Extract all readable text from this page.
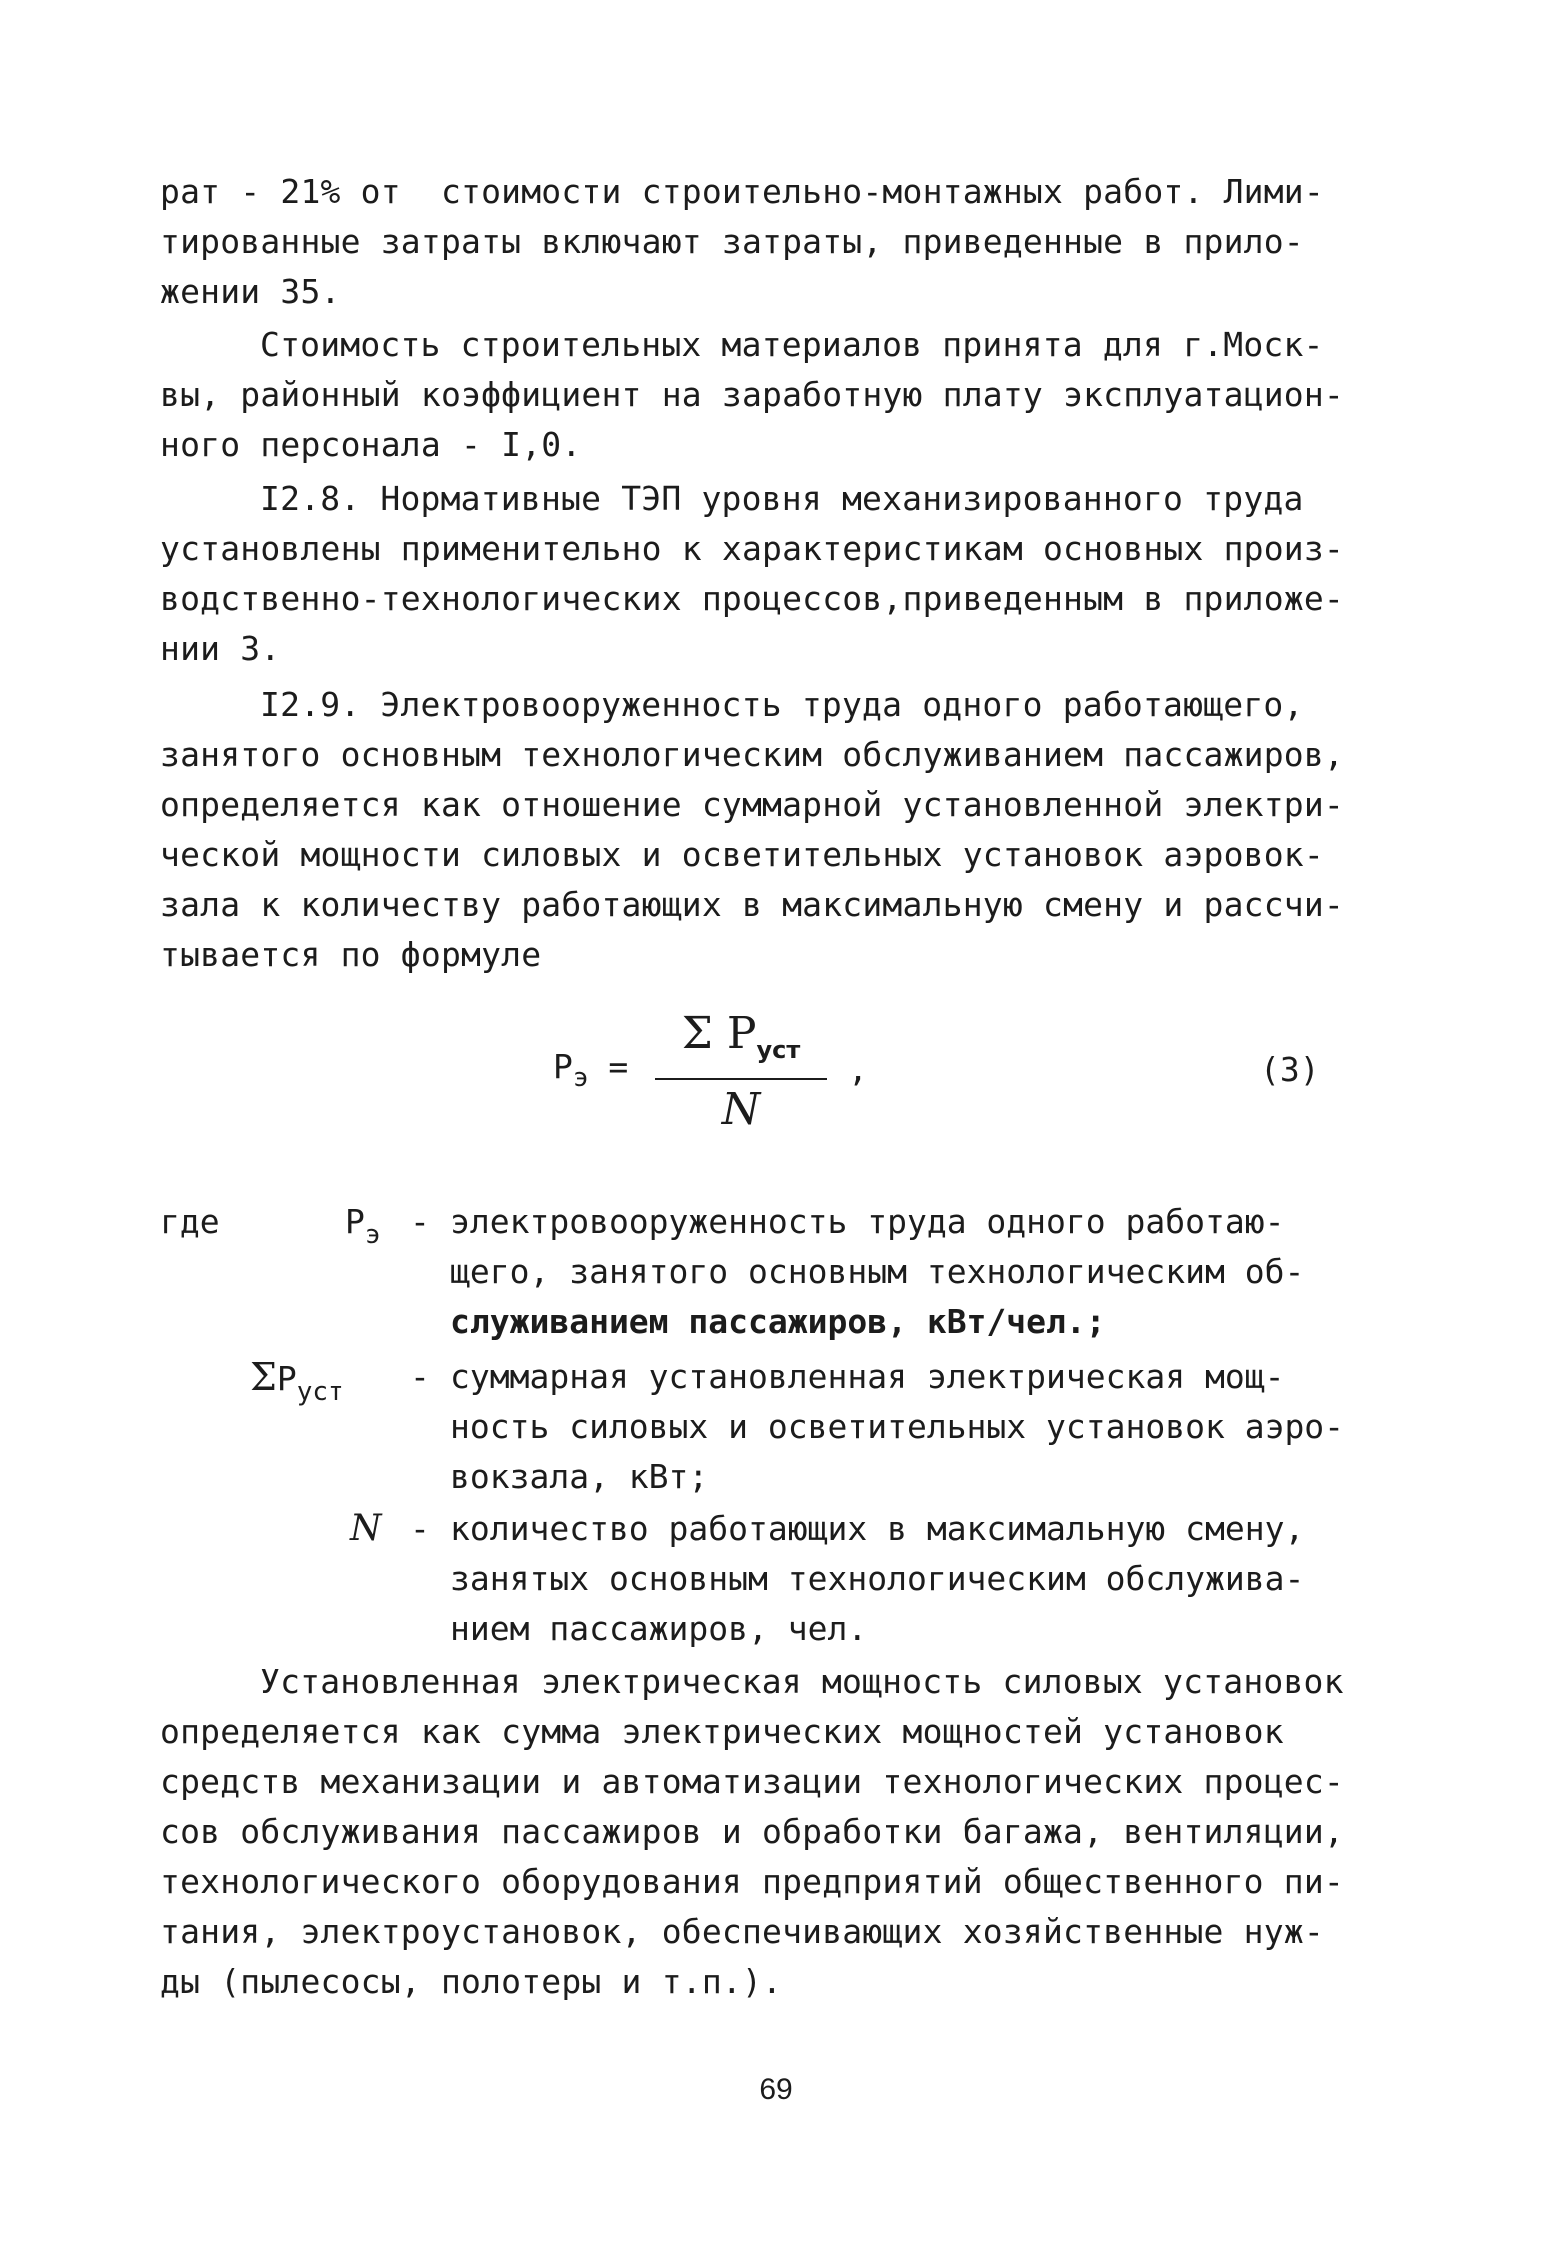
рат - 21% от  стоимости строительно-монтажных работ. Лими-
тированные затраты включают затраты, приведенные в прило-
жении 35.
Стоимость строительных материалов принята для г.Моск-
вы, районный коэффициент на заработную плату эксплуатацион-
ного персонала - I,0.
I2.8. Нормативные ТЭП уровня механизированного труда
установлены применительно к характеристикам основных произ-
водственно-технологических процессов,приведенным в приложе-
нии 3.
I2.9. Электровооруженность труда одного работающего,
занятого основным технологическим обслуживанием пассажиров,
определяется как отношение суммарной установленной электри-
ческой мощности силовых и осветительных установок аэровок-
зала к количеству работающих в максимальную смену и рассчи-
тывается по формуле
$P_э$ =
Σ $P_{уст}$
N
,	(3)
где	$P_э$ - электровооруженность труда одного работаю-
щего, занятого основным технологическим об-
служиванием пассажиров, кВт/чел.;
$\Sigma P_{уст}$ - суммарная установленная электрическая мощ-
ность силовых и осветительных установок аэро-
вокзала, кВт;
N - количество работающих в максимальную смену,
занятых основным технологическим обслужива-
нием пассажиров, чел.
Установленная электрическая мощность силовых установок
определяется как сумма электрических мощностей установок
средств механизации и автоматизации технологических процес-
сов обслуживания пассажиров и обработки багажа, вентиляции,
технологического оборудования предприятий общественного пи-
тания, электроустановок, обеспечивающих хозяйственные нуж-
ды (пылесосы, полотеры и т.п.).
69
